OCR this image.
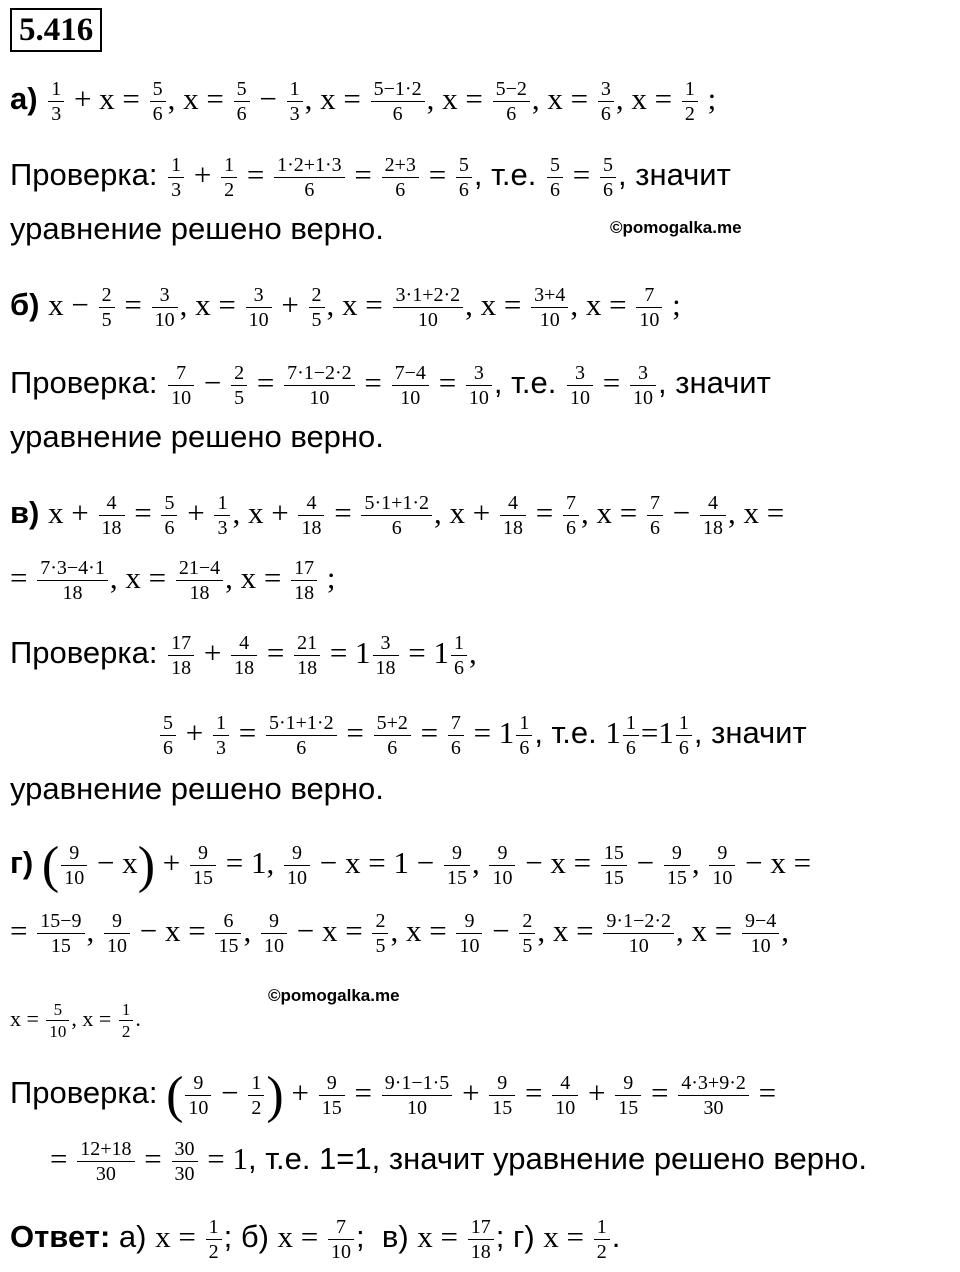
5.416
$а) \frac{1}{3} + x = \frac{5}{6}$ , $x = \frac{5}{6} - \frac{1}{3}$ , $x = \frac{5-1\cdot 2}{6}$ , $x = \frac{5-2}{6}$ , $x = \frac{3}{6}$ , $x = \frac{1}{2}$ ;
Проверка: $\frac{1}{3} + \frac{1}{2} = \frac{1\cdot 2+1\cdot 3}{6} = \frac{2+3}{6} = \frac{5}{6}$ , т.е. $\frac{5}{6} = \frac{5}{6}$ , значит
уравнение решено верно.	©pomogalka.me
б) $x - \frac{2}{5} = \frac{3}{10}$ , $x = \frac{3}{10} + \frac{2}{5}$ , $x = \frac{3\cdot 1+2\cdot 2}{10}$ , $x = \frac{3+4}{10}$ , $x = \frac{7}{10}$ ;
Проверка: $\frac{7}{10} - \frac{2}{5} = \frac{7\cdot 1-2\cdot 2}{10} = \frac{7-4}{10} = \frac{3}{10}$ , т.е. $\frac{3}{10} = \frac{3}{10}$ , значит
уравнение решено верно.
в) $x + \frac{4}{18} = \frac{5}{6} + \frac{1}{3}$ , $x + \frac{4}{18} = \frac{5\cdot 1+1\cdot 2}{6}$ , $x + \frac{4}{18} = \frac{7}{6}$ , $x = \frac{7}{6} - \frac{4}{18}$ , x =
= $\frac{7\cdot 3-4\cdot 1}{18}$ , $x = \frac{21-4}{18}$ , $x = \frac{17}{18}$ ;
Проверка: $\frac{17}{18} + \frac{4}{18} = \frac{21}{18} = 1 \frac{3}{18} = 1 \frac{1}{6}$ ,
$\frac{5}{6} + \frac{1}{3} = \frac{5\cdot 1+1\cdot 2}{6} = \frac{5+2}{6} = \frac{7}{6} = 1 \frac{1}{6}$ , т.е. $1 \frac{1}{6} =1 \frac{1}{6}$ , значит
уравнение решено верно.
г) ( $\frac{9}{10} - x) + \frac{9}{15} = 1$, $\frac{9}{10} - x = 1 - \frac{9}{15}$ , $\frac{9}{10} - x = \frac{15}{15} - \frac{9}{15}$ , $\frac{9}{10} - x$ =
= $\frac{15-9}{15}$ , $\frac{9}{10} - x = \frac{6}{15}$ , $\frac{9}{10} - x = \frac{2}{5}$ , $x = \frac{9}{10} - \frac{2}{5}$ , $x = \frac{9\cdot 1-2\cdot 2}{10}$ , $x = \frac{9-4}{10}$ ,
$x = \frac{5}{10}$ , $x = \frac{1}{2}$ .
©pomogalka.me
Проверка: ( $\frac{9}{10} - \frac{1}{2}$ ) + $\frac{9}{15} = \frac{9\cdot 1-1\cdot 5}{10} + \frac{9}{15} = \frac{4}{10} + \frac{9}{15} = \frac{4\cdot 3+9\cdot 2}{30}$ =
= $\frac{12+18}{30} = \frac{30}{30} = 1$, т.е. 1=1, значит уравнение решено верно.
Ответ: а) $x = \frac{1}{2}$ ; б) $x = \frac{7}{10}$ ;  в) $x = \frac{17}{18}$ ; г) $x = \frac{1}{2}$ .
